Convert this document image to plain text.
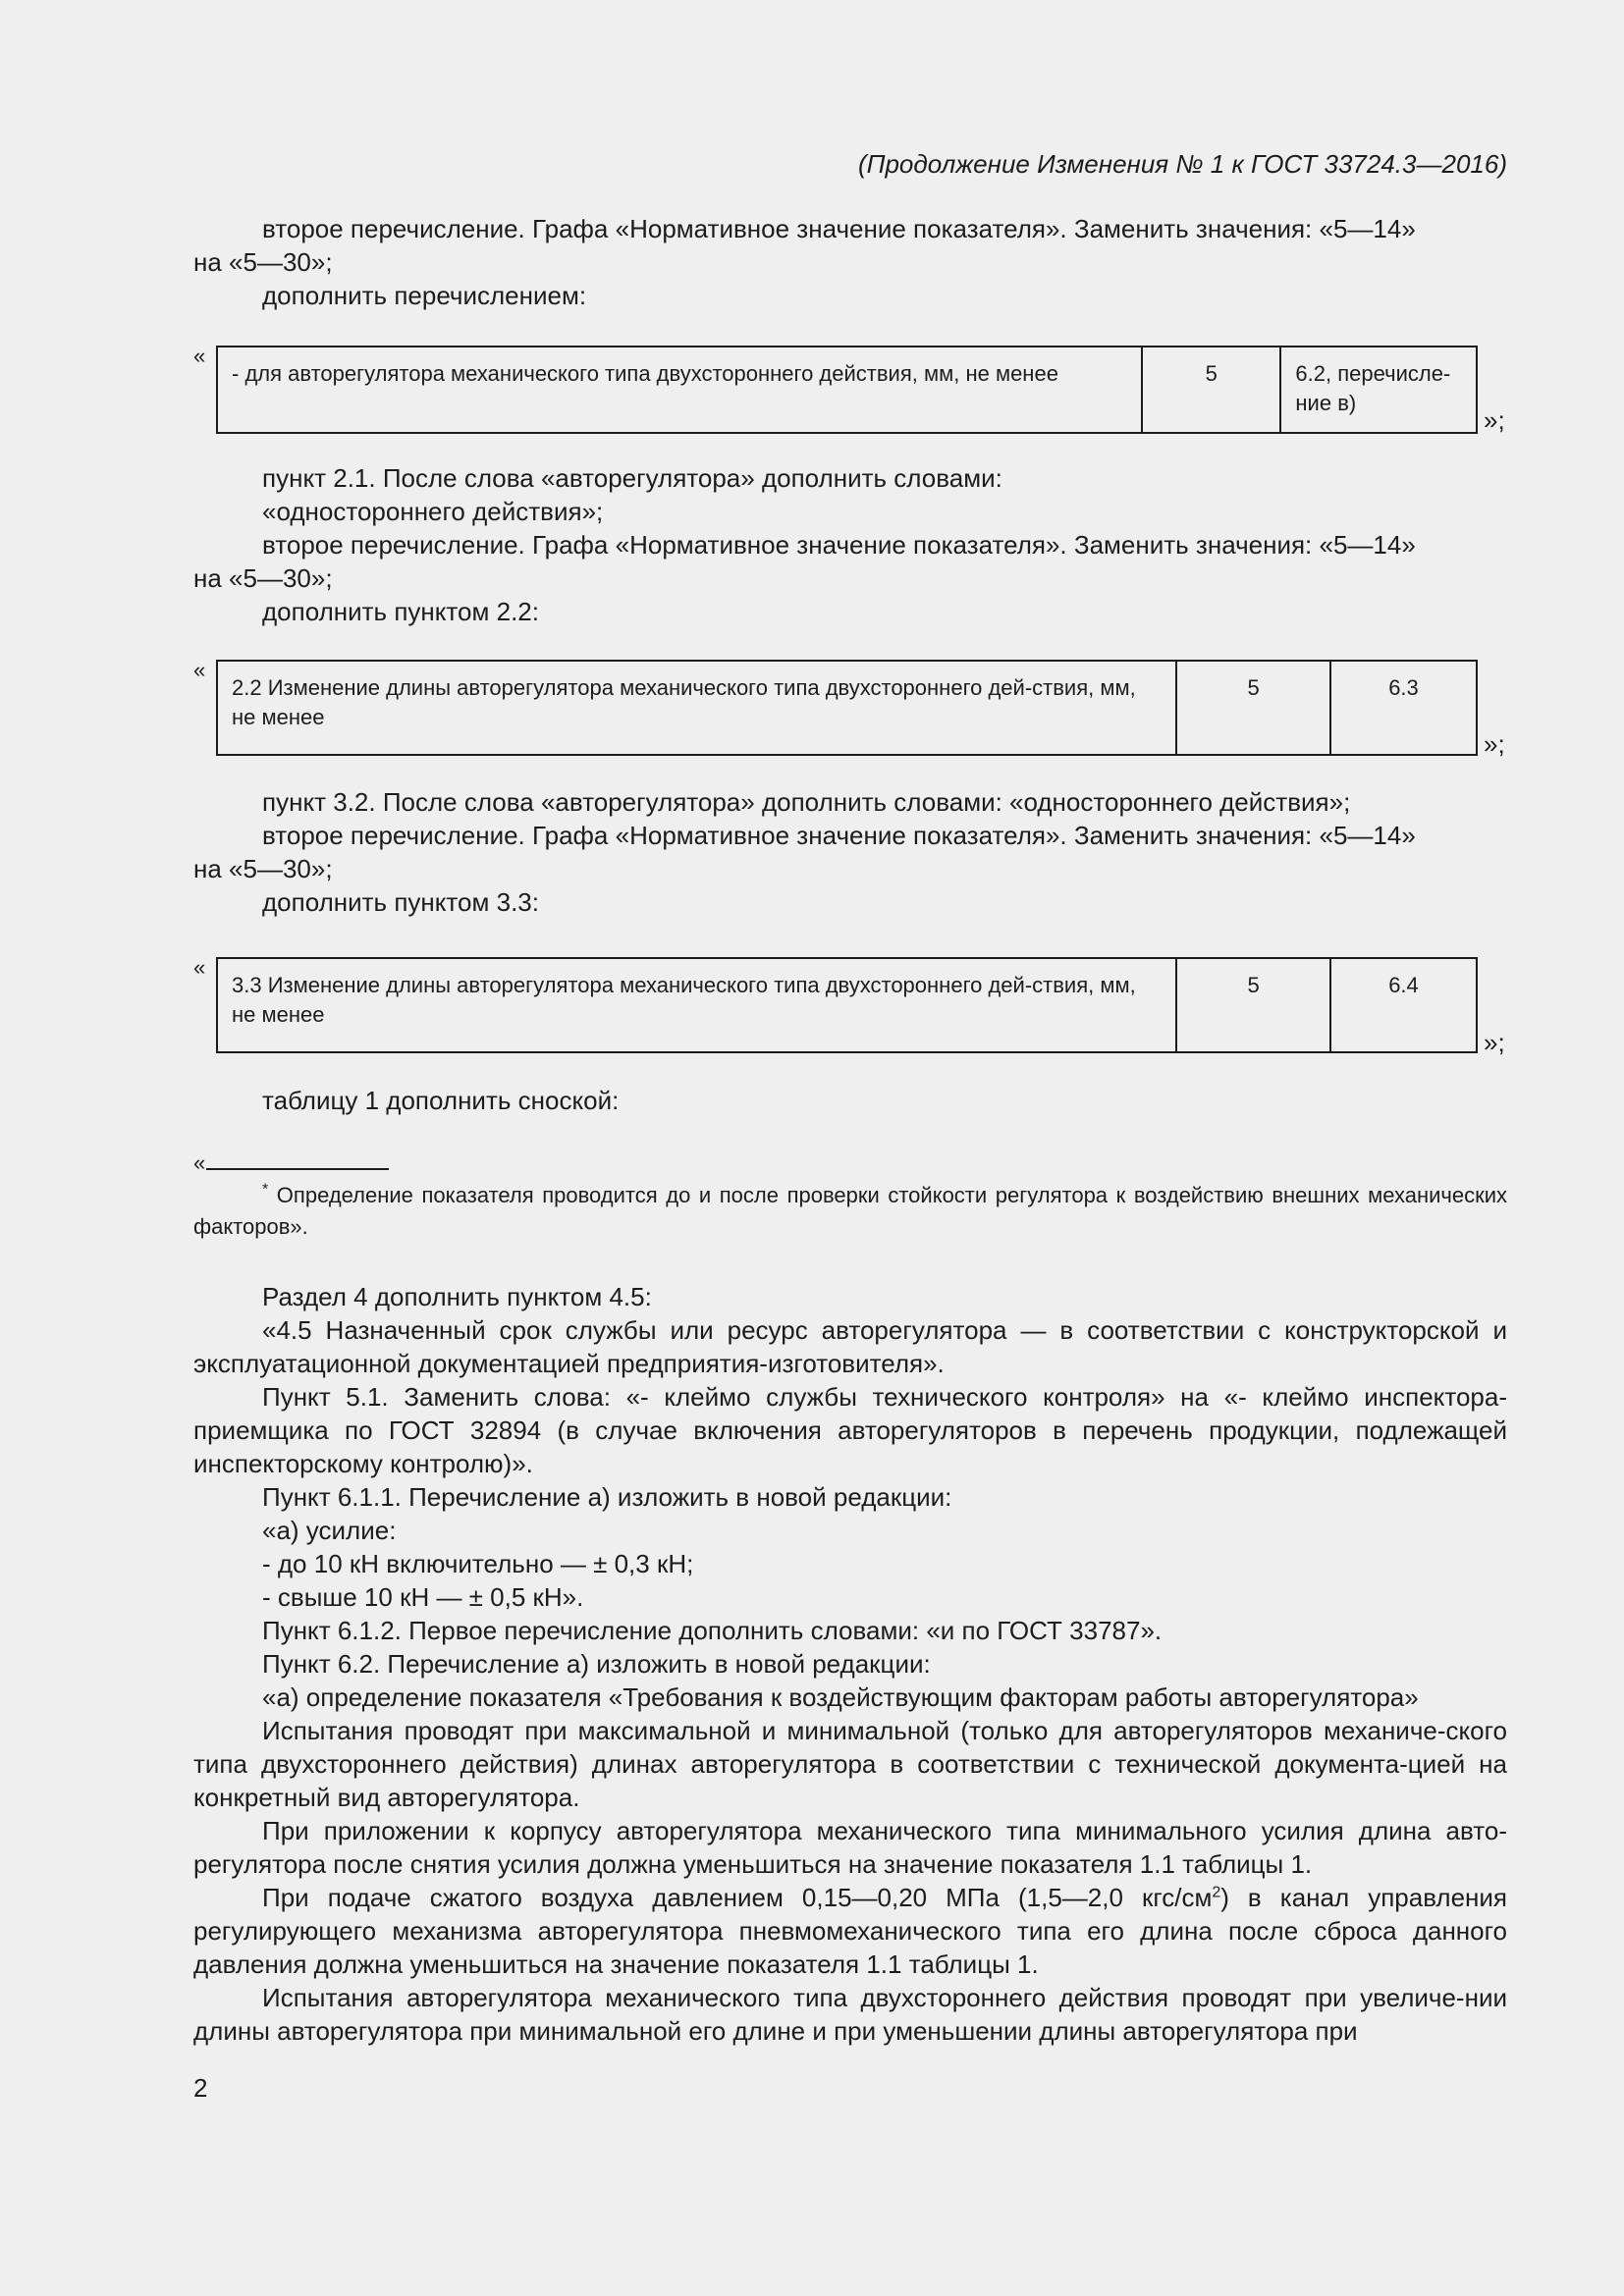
(Продолжение Изменения № 1 к ГОСТ 33724.3—2016)

второе перечисление. Графа «Нормативное значение показателя». Заменить значения: «5—14»

на «5—30»;

дополнить перечислением:

«
- для авторегулятора механического типа двухстороннего действия, мм, не менее	5	6.2, перечисле-ние в)
»;

пункт 2.1. После слова «авторегулятора» дополнить словами:

«одностороннего действия»;

второе перечисление. Графа «Нормативное значение показателя». Заменить значения: «5—14»

на «5—30»;

дополнить пунктом 2.2:

«
2.2 Изменение длины авторегулятора механического типа двухстороннего дей-ствия, мм, не менее	5	6.3
»;

пункт 3.2. После слова «авторегулятора» дополнить словами: «одностороннего действия»;

второе перечисление. Графа «Нормативное значение показателя». Заменить значения: «5—14»

на «5—30»;

дополнить пунктом 3.3:

«
3.3 Изменение длины авторегулятора механического типа двухстороннего дей-ствия, мм, не менее	5	6.4
»;

таблицу 1 дополнить сноской:

«
* Определение показателя проводится до и после проверки стойкости регулятора к воздействию внешних механических факторов».

Раздел 4 дополнить пунктом 4.5:

«4.5 Назначенный срок службы или ресурс авторегулятора — в соответствии с конструкторской и эксплуатационной документацией предприятия-изготовителя».

Пункт 5.1. Заменить слова: «- клеймо службы технического контроля» на «- клеймо инспектора-приемщика по ГОСТ 32894 (в случае включения авторегуляторов в перечень продукции, подлежащей инспекторскому контролю)».

Пункт 6.1.1. Перечисление а) изложить в новой редакции:

«а) усилие:

- до 10 кН включительно — ± 0,3 кН;

- свыше 10 кН — ± 0,5 кН».

Пункт 6.1.2. Первое перечисление дополнить словами: «и по ГОСТ 33787».

Пункт 6.2. Перечисление а) изложить в новой редакции:

«а) определение показателя «Требования к воздействующим факторам работы авторегулятора»

Испытания проводят при максимальной и минимальной (только для авторегуляторов механиче-ского типа двухстороннего действия) длинах авторегулятора в соответствии с технической документа-цией на конкретный вид авторегулятора.

При приложении к корпусу авторегулятора механического типа минимального усилия длина авто-регулятора после снятия усилия должна уменьшиться на значение показателя 1.1 таблицы 1.

При подаче сжатого воздуха давлением 0,15—0,20 МПа (1,5—2,0 кгс/$см^2$) в канал управления регулирующего механизма авторегулятора пневмомеханического типа его длина после сброса данного давления должна уменьшиться на значение показателя 1.1 таблицы 1.

Испытания авторегулятора механического типа двухстороннего действия проводят при увеличе-нии длины авторегулятора при минимальной его длине и при уменьшении длины авторегулятора при

2
